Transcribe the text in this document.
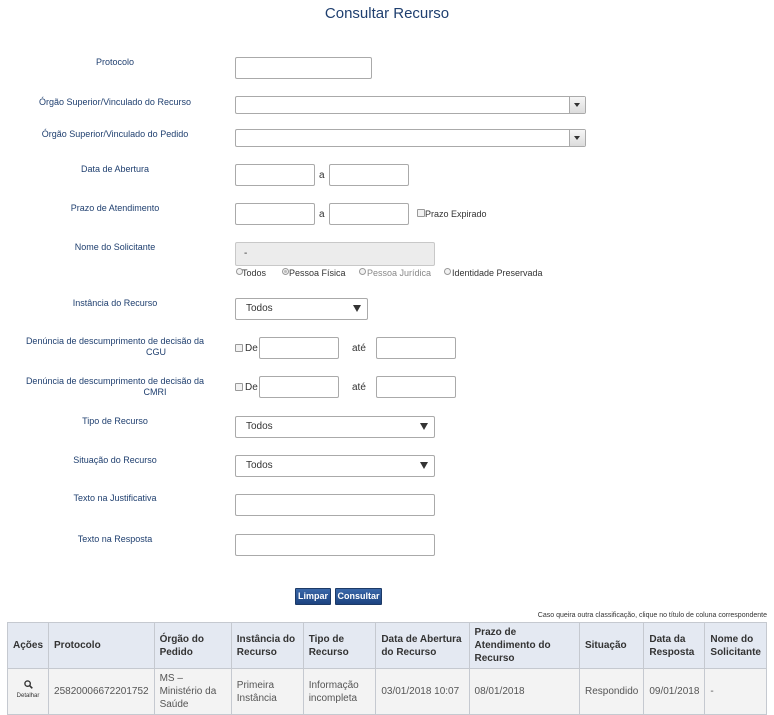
Consultar Recurso
Protocolo
Órgão Superior/Vinculado do Recurso
Órgão Superior/Vinculado do Pedido
Data de Abertura
a
Prazo de Atendimento
a	Prazo Expirado
Nome do Solicitante
-
Todos	Pessoa Física Pessoa Jurídica Identidade Preservada
Instância do Recurso	Todos
Denúncia de descumprimento de decisão da
CGU	De	até
Denúncia de descumprimento de decisão da
CMRI	De	até
Tipo de Recurso	Todos
Situação do Recurso	Todos
Texto na Justificativa
Texto na Resposta
Limpar	Consultar
Caso queira outra classificação, clique no título de coluna correspondente
Ações	Protocolo	Órgão do Pedido	Instância do Recurso	Tipo de Recurso	Data de Abertura do Recurso	Prazo de Atendimento do Recurso	Situação	Data da Resposta	Nome do Solicitante

Detalhar	25820006672201752	MS – Ministério da Saúde	Primeira Instância	Informação incompleta	03/01/2018 10:07	08/01/2018	Respondido	09/01/2018	-
